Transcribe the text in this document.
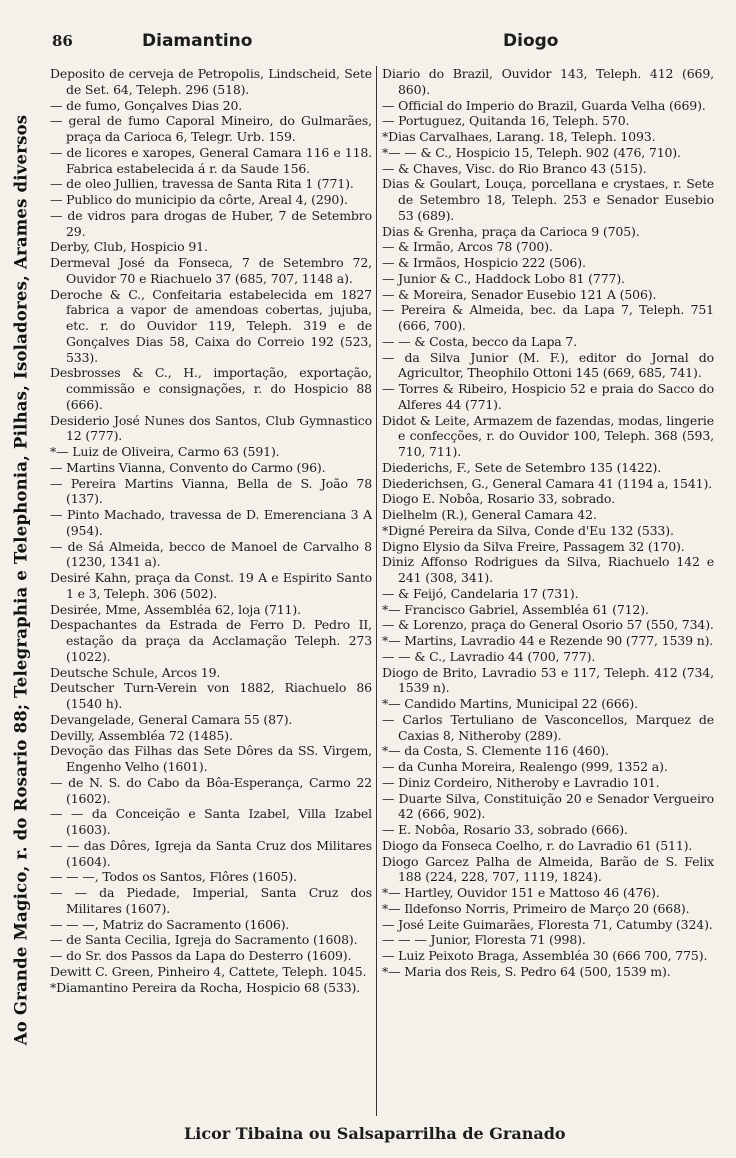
Ao Grande Magico, r. do Rosario 88; Telegraphia e Telephonia, Pilhas, Isoladores, Arames diversos
86	Diamantino	Diogo

Deposito de cerveja de Petropolis, Lindscheid, Sete de Set. 64, Teleph. 296 (518).

— de fumo, Gonçalves Dias 20.

— geral de fumo Caporal Mineiro, do Gulmarães, praça da Carioca 6, Telegr. Urb. 159.

— de licores e xaropes, General Camara 116 e 118. Fabrica estabelecida á r. da Saude 156.

— de oleo Jullien, travessa de Santa Rita 1 (771).

— Publico do municipio da côrte, Areal 4, (290).

— de vidros para drogas de Huber, 7 de Setembro 29.

Derby, Club, Hospicio 91.

Dermeval José da Fonseca, 7 de Setembro 72, Ouvidor 70 e Riachuelo 37 (685, 707, 1148 a).

Deroche & C., Confeitaria estabelecida em 1827 fabrica a vapor de amendoas cobertas, jujuba, etc. r. do Ouvidor 119, Teleph. 319 e de Gonçalves Dias 58, Caixa do Correio 192 (523, 533).

Desbrosses & C., H., importação, exportação, commissão e consignações, r. do Hospicio 88 (666).

Desiderio José Nunes dos Santos, Club Gymnastico 12 (777).

*— Luiz de Oliveira, Carmo 63 (591).

— Martins Vianna, Convento do Carmo (96).

— Pereira Martins Vianna, Bella de S. João 78 (137).

— Pinto Machado, travessa de D. Emerenciana 3 A (954).

— de Sá Almeida, becco de Manoel de Carvalho 8 (1230, 1341 a).

Desiré Kahn, praça da Const. 19 A e Espirito Santo 1 e 3, Teleph. 306 (502).

Desirée, Mme, Assembléa 62, loja (711).

Despachantes da Estrada de Ferro D. Pedro II, estação da praça da Acclamação Teleph. 273 (1022).

Deutsche Schule, Arcos 19.

Deutscher Turn-Verein von 1882, Riachuelo 86 (1540 h).

Devangelade, General Camara 55 (87).

Devilly, Assembléa 72 (1485).

Devoção das Filhas das Sete Dôres da SS. Virgem, Engenho Velho (1601).

— de N. S. do Cabo da Bôa-Esperança, Carmo 22 (1602).

— — da Conceição e Santa Izabel, Villa Izabel (1603).

— — das Dôres, Igreja da Santa Cruz dos Militares (1604).

— — —, Todos os Santos, Flôres (1605).

— — da Piedade, Imperial, Santa Cruz dos Militares (1607).

— — —, Matriz do Sacramento (1606).

— de Santa Cecilia, Igreja do Sacramento (1608).

— do Sr. dos Passos da Lapa do Desterro (1609).

Dewitt C. Green, Pinheiro 4, Cattete, Teleph. 1045.

*Diamantino Pereira da Rocha, Hospicio 68 (533).

Diario do Brazil, Ouvidor 143, Teleph. 412 (669, 860).

— Official do Imperio do Brazil, Guarda Velha (669).

— Portuguez, Quitanda 16, Teleph. 570.

*Dias Carvalhaes, Larang. 18, Teleph. 1093.

*— — & C., Hospicio 15, Teleph. 902 (476, 710).

— & Chaves, Visc. do Rio Branco 43 (515).

Dias & Goulart, Louça, porcellana e crystaes, r. Sete de Setembro 18, Teleph. 253 e Senador Eusebio 53 (689).

Dias & Grenha, praça da Carioca 9 (705).

— & Irmão, Arcos 78 (700).

— & Irmãos, Hospicio 222 (506).

— Junior & C., Haddock Lobo 81 (777).

— & Moreira, Senador Eusebio 121 A (506).

— Pereira & Almeida, bec. da Lapa 7, Teleph. 751 (666, 700).

— — & Costa, becco da Lapa 7.

— da Silva Junior (M. F.), editor do Jornal do Agricultor, Theophilo Ottoni 145 (669, 685, 741).

— Torres & Ribeiro, Hospicio 52 e praia do Sacco do Alferes 44 (771).

Didot & Leite, Armazem de fazendas, modas, lingerie e confecções, r. do Ouvidor 100, Teleph. 368 (593, 710, 711).

Diederichs, F., Sete de Setembro 135 (1422).

Diederichsen, G., General Camara 41 (1194 a, 1541).

Diogo E. Nobôa, Rosario 33, sobrado.

Dielhelm (R.), General Camara 42.

*Digné Pereira da Silva, Conde d'Eu 132 (533).

Digno Elysio da Silva Freire, Passagem 32 (170).

Diniz Affonso Rodrigues da Silva, Riachuelo 142 e 241 (308, 341).

— & Feijó, Candelaria 17 (731).

*— Francisco Gabriel, Assembléa 61 (712).

— & Lorenzo, praça do General Osorio 57 (550, 734).

*— Martins, Lavradio 44 e Rezende 90 (777, 1539 n).

— — & C., Lavradio 44 (700, 777).

Diogo de Brito, Lavradio 53 e 117, Teleph. 412 (734, 1539 n).

*— Candido Martins, Municipal 22 (666).

— Carlos Tertuliano de Vasconcellos, Marquez de Caxias 8, Nitheroby (289).

*— da Costa, S. Clemente 116 (460).

— da Cunha Moreira, Realengo (999, 1352 a).

— Diniz Cordeiro, Nitheroby e Lavradio 101.

— Duarte Silva, Constituição 20 e Senador Vergueiro 42 (666, 902).

— E. Nobôa, Rosario 33, sobrado (666).

Diogo da Fonseca Coelho, r. do Lavradio 61 (511).

Diogo Garcez Palha de Almeida, Barão de S. Felix 188 (224, 228, 707, 1119, 1824).

*— Hartley, Ouvidor 151 e Mattoso 46 (476).

*— Ildefonso Norris, Primeiro de Março 20 (668).

— José Leite Guimarães, Floresta 71, Catumby (324).

— — — Junior, Floresta 71 (998).

— Luiz Peixoto Braga, Assembléa 30 (666 700, 775).

*— Maria dos Reis, S. Pedro 64 (500, 1539 m).

Licor Tibaina ou Salsaparrilha de Granado
